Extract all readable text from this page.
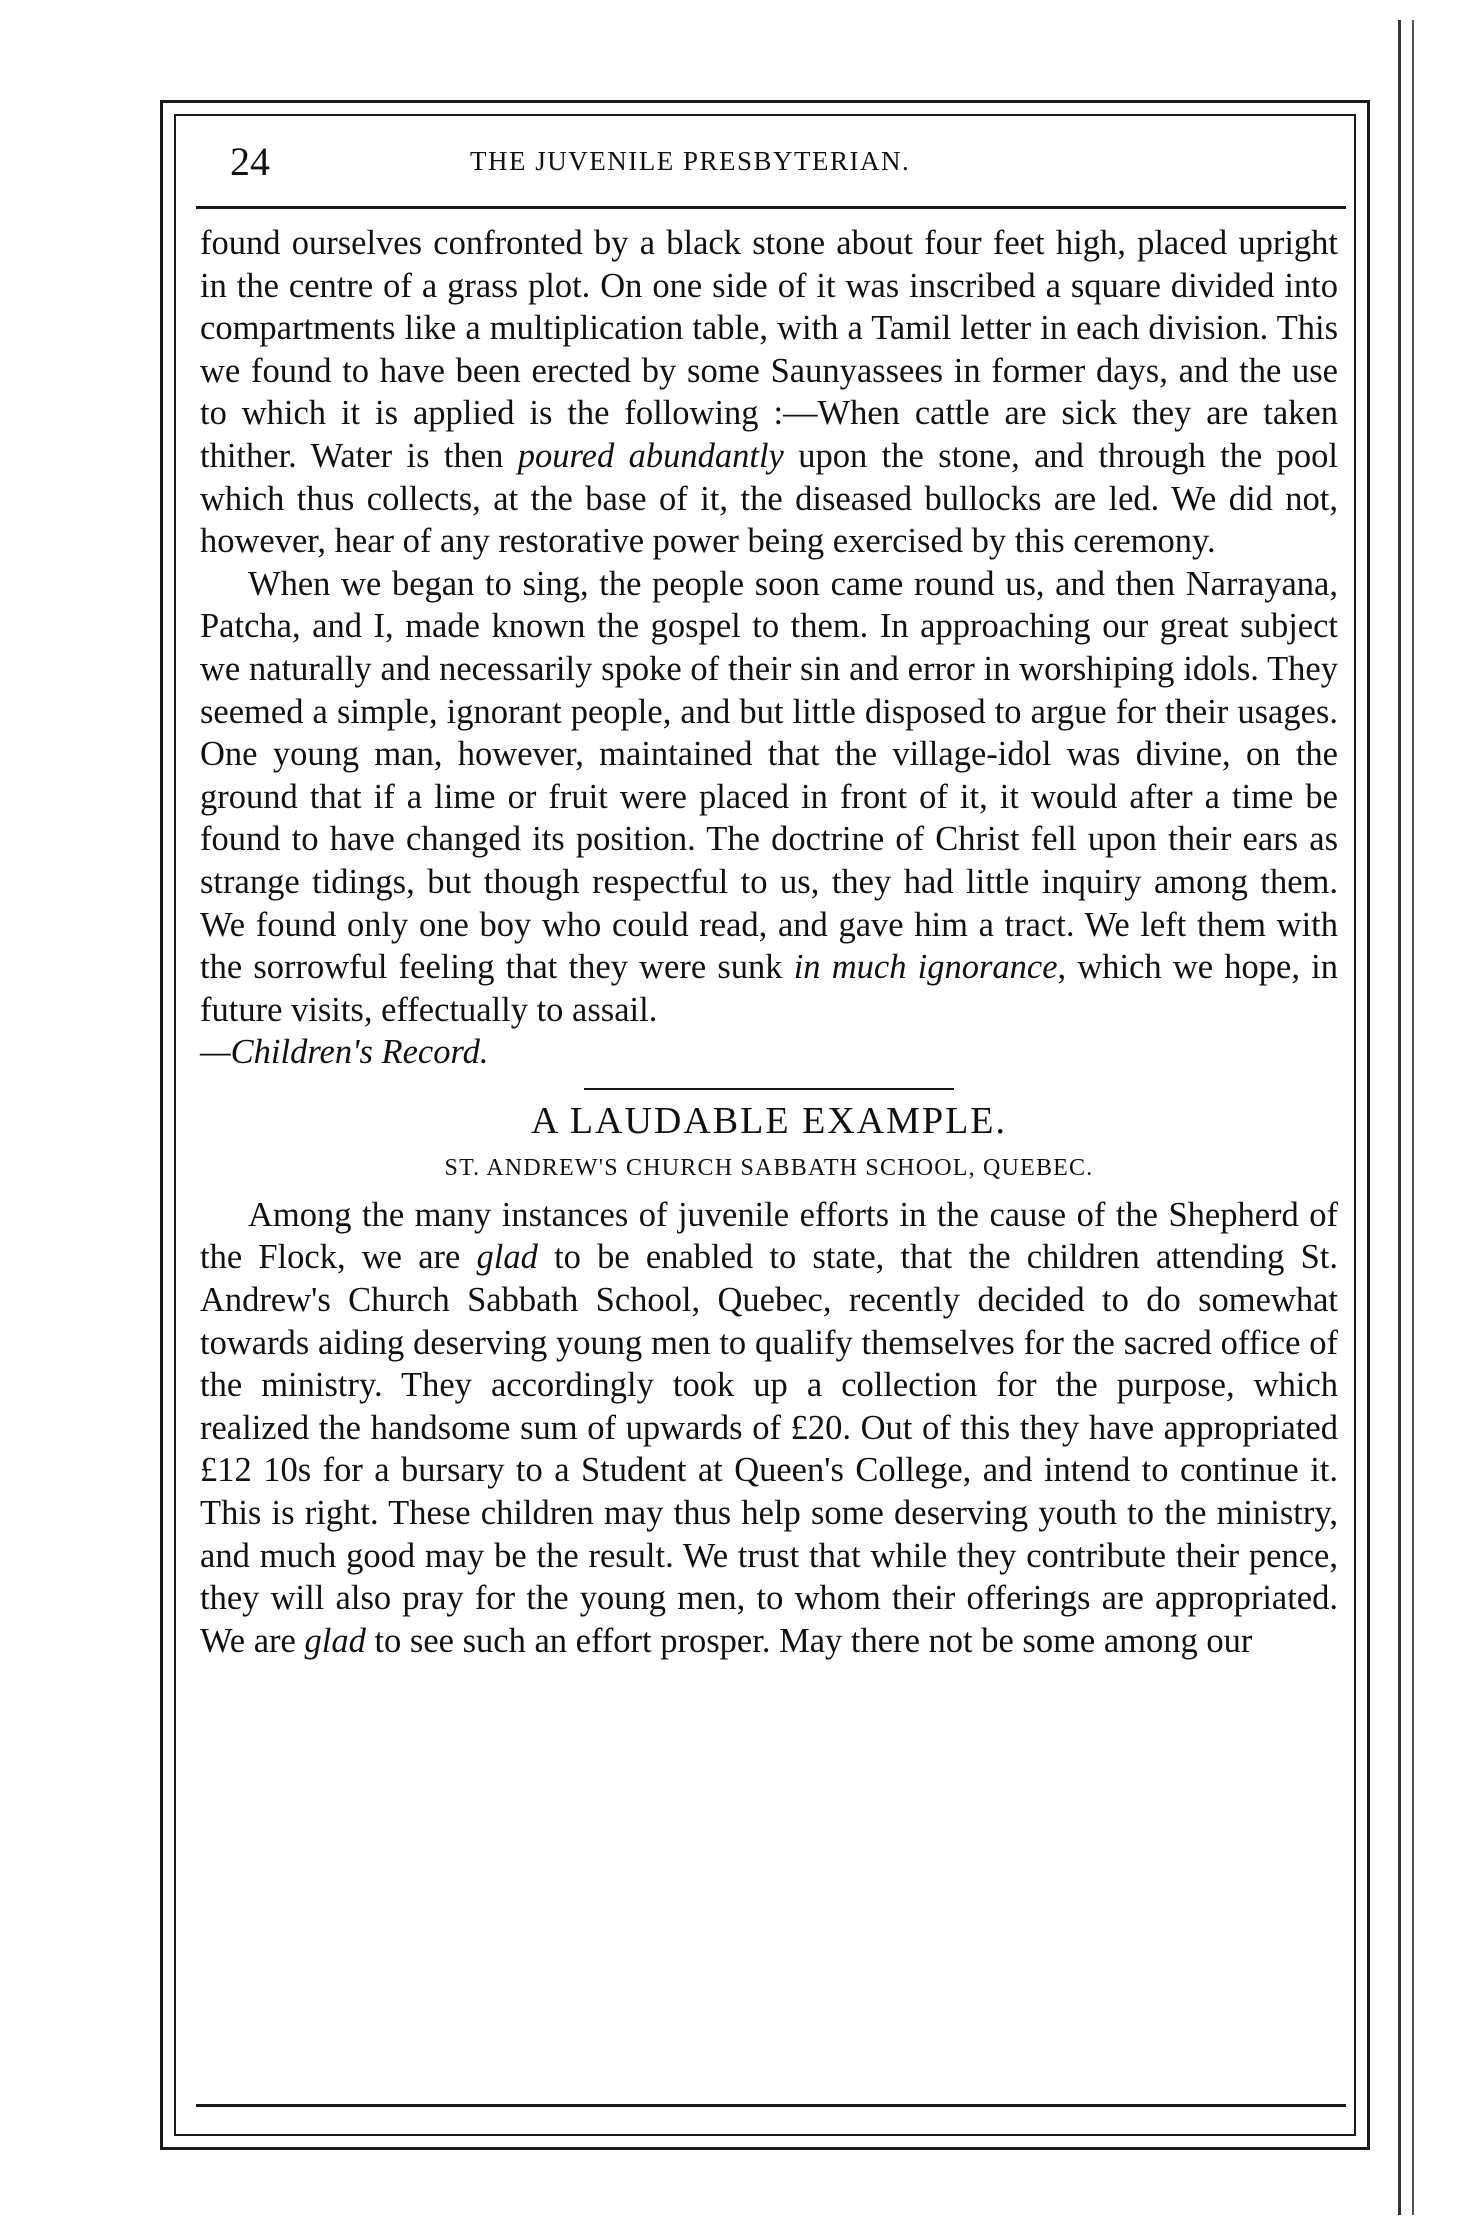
24	THE JUVENILE PRESBYTERIAN.

found ourselves confronted by a black stone about four feet high, placed upright in the centre of a grass plot. On one side of it was inscribed a square divided into compartments like a multiplication table, with a Tamil letter in each division. This we found to have been erected by some Saunyassees in former days, and the use to which it is applied is the following :—When cattle are sick they are taken thither. Water is then poured abundantly upon the stone, and through the pool which thus collects, at the base of it, the diseased bullocks are led. We did not, however, hear of any restorative power being exercised by this ceremony.

When we began to sing, the people soon came round us, and then Narrayana, Patcha, and I, made known the gospel to them. In approaching our great subject we naturally and necessarily spoke of their sin and error in worshiping idols. They seemed a simple, ignorant people, and but little disposed to argue for their usages. One young man, however, maintained that the village-idol was divine, on the ground that if a lime or fruit were placed in front of it, it would after a time be found to have changed its position. The doctrine of Christ fell upon their ears as strange tidings, but though respectful to us, they had little inquiry among them. We found only one boy who could read, and gave him a tract. We left them with the sorrowful feeling that they were sunk in much ignorance, which we hope, in future visits, effectually to assail.

—Children's Record.

A LAUDABLE EXAMPLE.
ST. ANDREW'S CHURCH SABBATH SCHOOL, QUEBEC.

Among the many instances of juvenile efforts in the cause of the Shepherd of the Flock, we are glad to be enabled to state, that the children attending St. Andrew's Church Sabbath School, Quebec, recently decided to do somewhat towards aiding deserving young men to qualify themselves for the sacred office of the ministry. They accordingly took up a collection for the purpose, which realized the handsome sum of upwards of £20. Out of this they have appropriated £12 10s for a bursary to a Student at Queen's College, and intend to continue it. This is right. These children may thus help some deserving youth to the ministry, and much good may be the result. We trust that while they contribute their pence, they will also pray for the young men, to whom their offerings are appropriated. We are glad to see such an effort prosper. May there not be some among our
